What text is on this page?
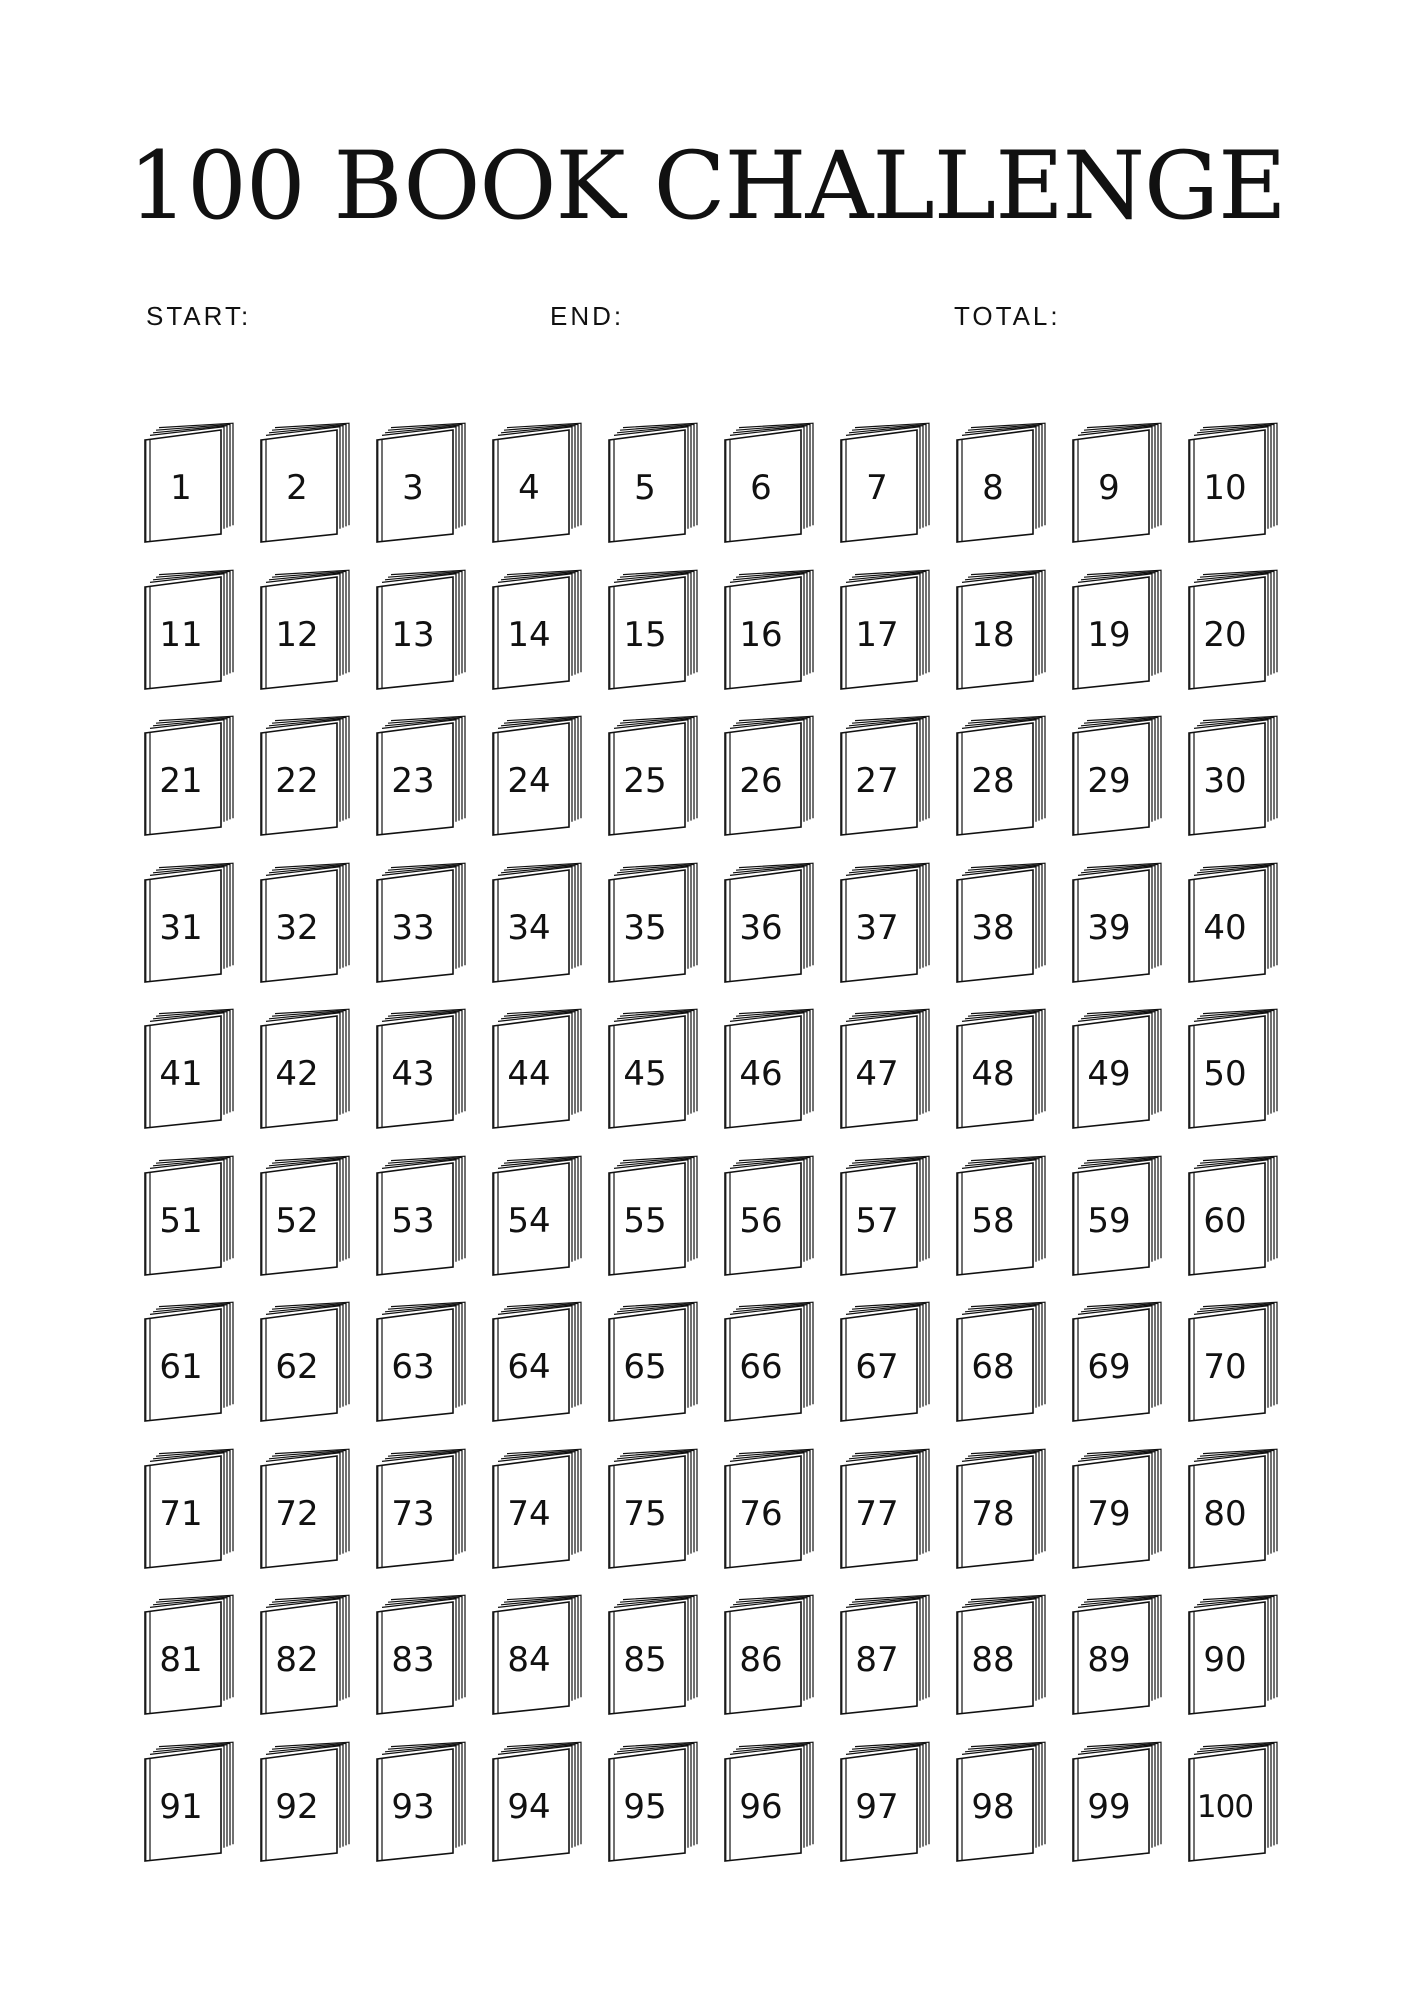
100 BOOK CHALLENGE
START:	END:	TOTAL:
1	2	3	4	5	6	7	8	9	10
11	12	13	14	15	16	17	18	19	20
21	22	23	24	25	26	27	28	29	30
31	32	33	34	35	36	37	38	39	40
41	42	43	44	45	46	47	48	49	50
51	52	53	54	55	56	57	58	59	60
61	62	63	64	65	66	67	68	69	70
71	72	73	74	75	76	77	78	79	80
81	82	83	84	85	86	87	88	89	90
91	92	93	94	95	96	97	98	99	100
